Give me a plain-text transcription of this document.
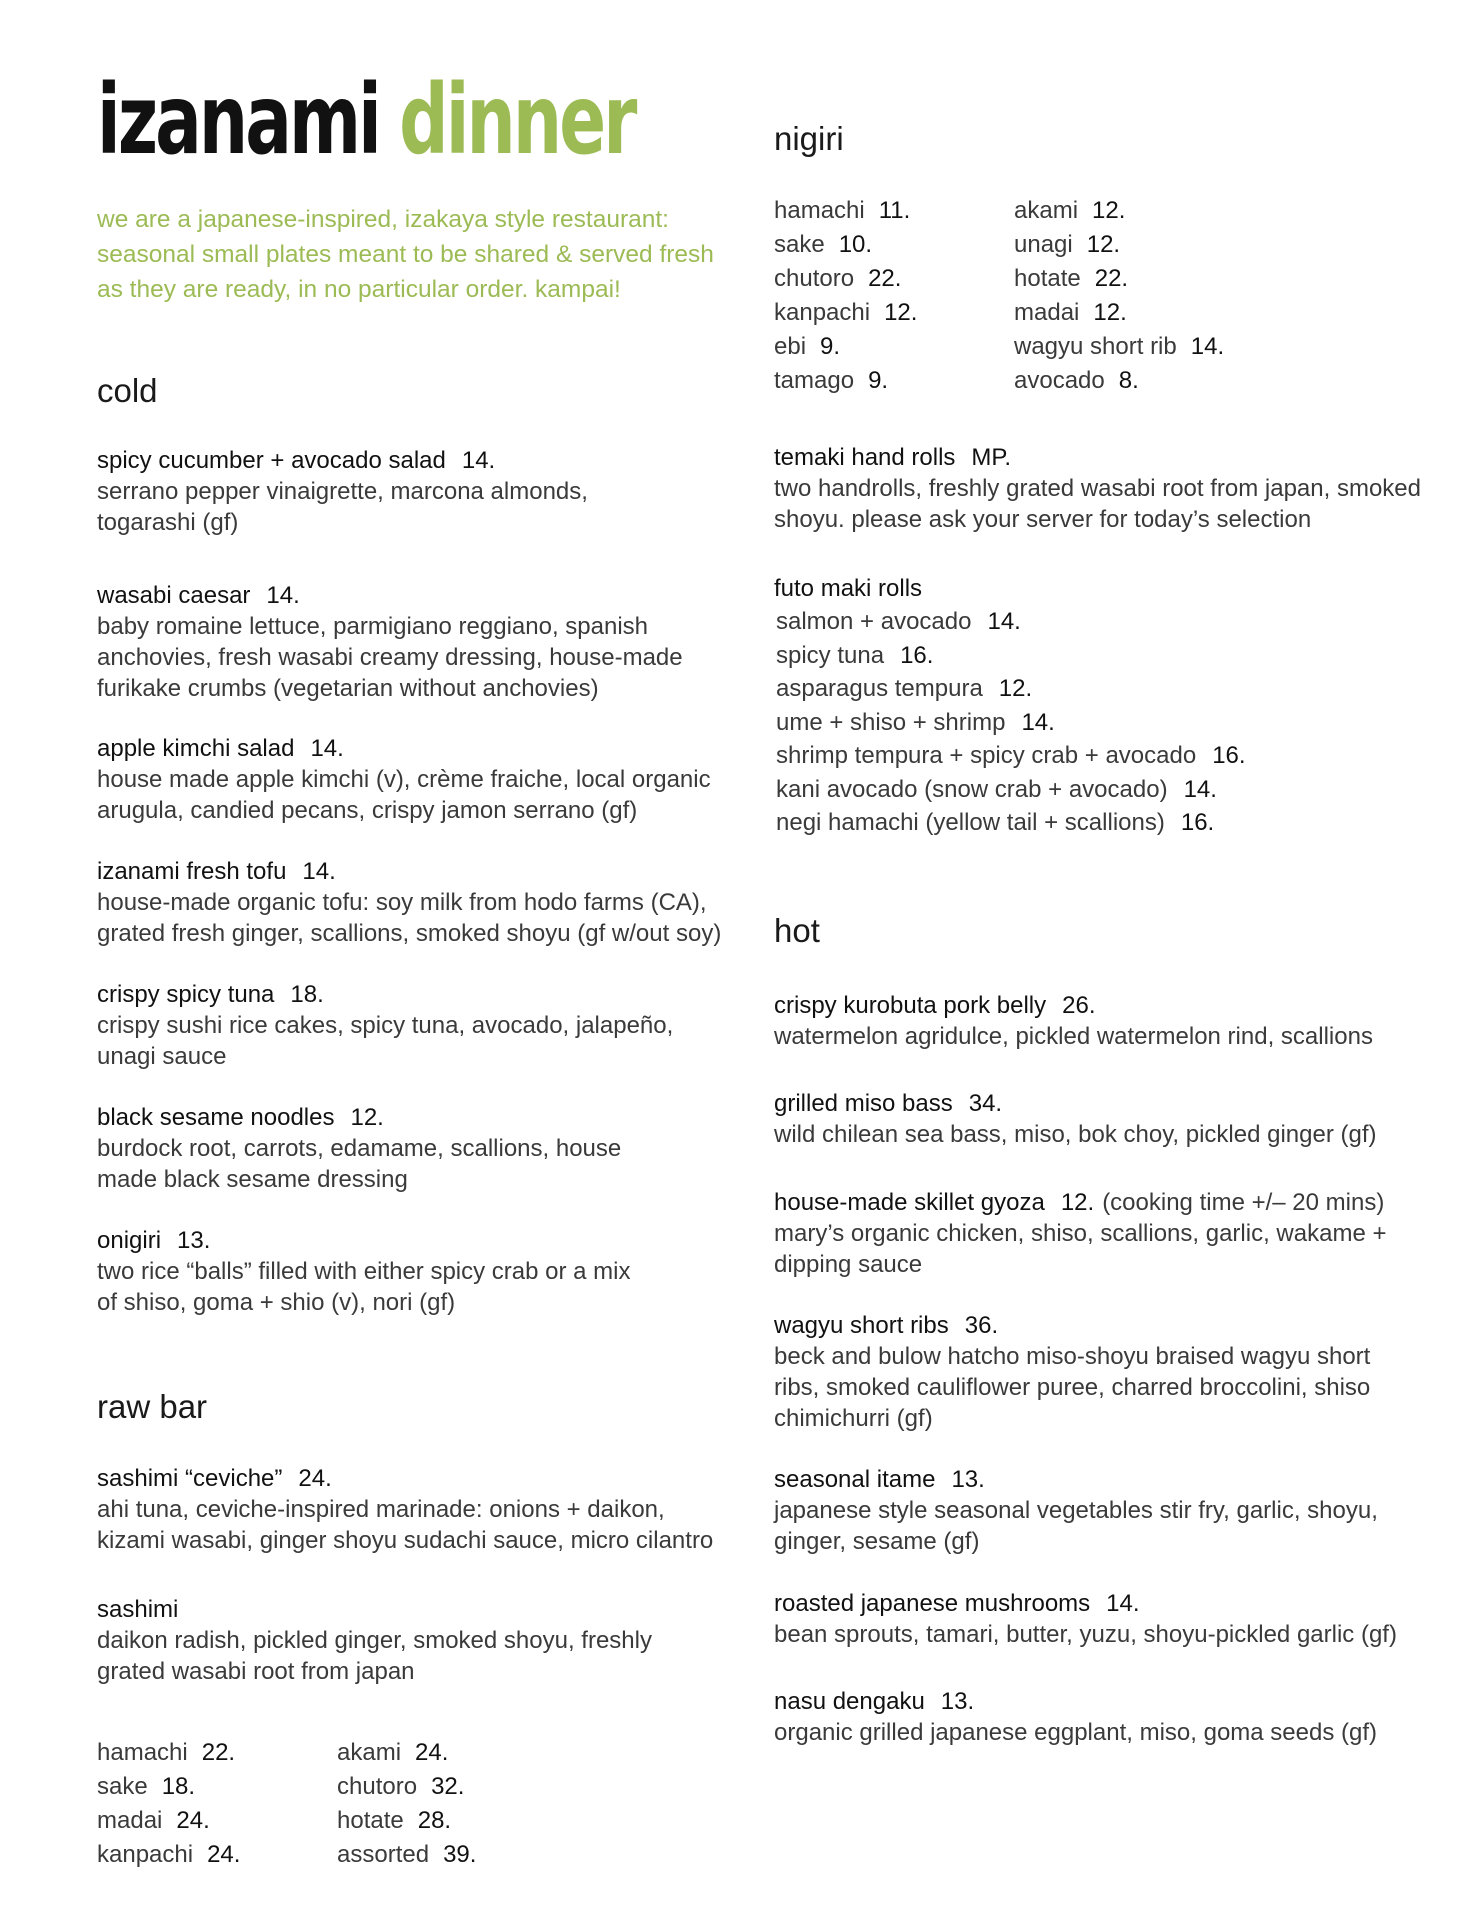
izanami dinner
we are a japanese-inspired, izakaya style restaurant: seasonal small plates meant to be shared & served fresh as they are ready, in no particular order. kampai!
cold
spicy cucumber + avocado salad 14.
serrano pepper vinaigrette, marcona almonds, togarashi (gf)
wasabi caesar 14.
baby romaine lettuce, parmigiano reggiano, spanish anchovies, fresh wasabi creamy dressing, house-made furikake crumbs (vegetarian without anchovies)
apple kimchi salad 14.
house made apple kimchi (v), crème fraiche, local organic arugula, candied pecans, crispy jamon serrano (gf)
izanami fresh tofu 14.
house-made organic tofu: soy milk from hodo farms (CA), grated fresh ginger, scallions, smoked shoyu (gf w/out soy)
crispy spicy tuna 18.
crispy sushi rice cakes, spicy tuna, avocado, jalapeño, unagi sauce
black sesame noodles 12.
burdock root, carrots, edamame, scallions, house made black sesame dressing
onigiri 13.
two rice “balls” filled with either spicy crab or a mix of shiso, goma + shio (v), nori (gf)
raw bar
sashimi “ceviche” 24.
ahi tuna, ceviche-inspired marinade: onions + daikon, kizami wasabi, ginger shoyu sudachi sauce, micro cilantro
sashimi
daikon radish, pickled ginger, smoked shoyu, freshly grated wasabi root from japan
hamachi 22.	akami 24.
sake 18.	chutoro 32.
madai 24.	hotate 28.
kanpachi 24.	assorted 39.
nigiri
hamachi 11.	akami 12.
sake 10.	unagi 12.
chutoro 22.	hotate 22.
kanpachi 12.	madai 12.
ebi 9.	wagyu short rib 14.
tamago 9.	avocado 8.
temaki hand rolls MP.
two handrolls, freshly grated wasabi root from japan, smoked shoyu. please ask your server for today’s selection
futo maki rolls
salmon + avocado 14.
spicy tuna 16.
asparagus tempura 12.
ume + shiso + shrimp 14.
shrimp tempura + spicy crab + avocado 16.
kani avocado (snow crab + avocado) 14.
negi hamachi (yellow tail + scallions) 16.
hot
crispy kurobuta pork belly 26.
watermelon agridulce, pickled watermelon rind, scallions
grilled miso bass 34.
wild chilean sea bass, miso, bok choy, pickled ginger (gf)
house-made skillet gyoza 12. (cooking time +/– 20 mins)
mary’s organic chicken, shiso, scallions, garlic, wakame + dipping sauce
wagyu short ribs 36.
beck and bulow hatcho miso-shoyu braised wagyu short ribs, smoked cauliflower puree, charred broccolini, shiso chimichurri (gf)
seasonal itame 13.
japanese style seasonal vegetables stir fry, garlic, shoyu, ginger, sesame (gf)
roasted japanese mushrooms 14.
bean sprouts, tamari, butter, yuzu, shoyu-pickled garlic (gf)
nasu dengaku 13.
organic grilled japanese eggplant, miso, goma seeds (gf)
